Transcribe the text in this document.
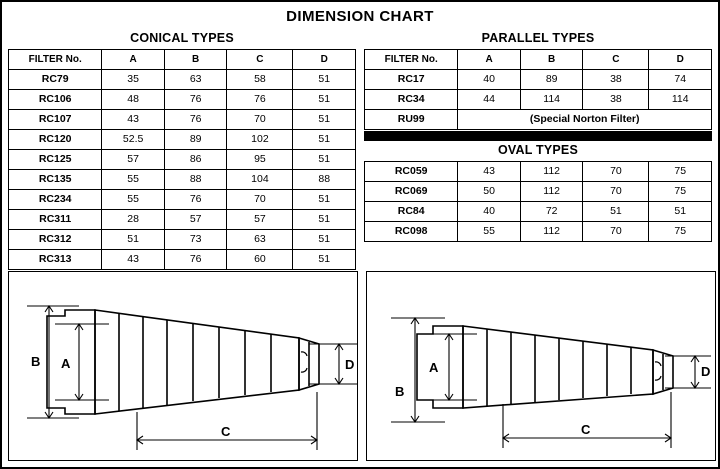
DIMENSION CHART
CONICAL TYPES
FILTER No.	A	B	C	D
RC79	35	63	58	51
RC106	48	76	76	51
RC107	43	76	70	51
RC120	52.5	89	102	51
RC125	57	86	95	51
RC135	55	88	104	88
RC234	55	76	70	51
RC311	28	57	57	51
RC312	51	73	63	51
RC313	43	76	60	51
PARALLEL TYPES
FILTER No.	A	B	C	D
RC17	40	89	38	74
RC34	44	114	38	114
RU99	(Special Norton Filter)			
OVAL TYPES
RC059	43	112	70	75
RC069	50	112	70	75
RC84	40	72	51	51
RC098	55	112	70	75
B A	D
C
B
A	D
C
